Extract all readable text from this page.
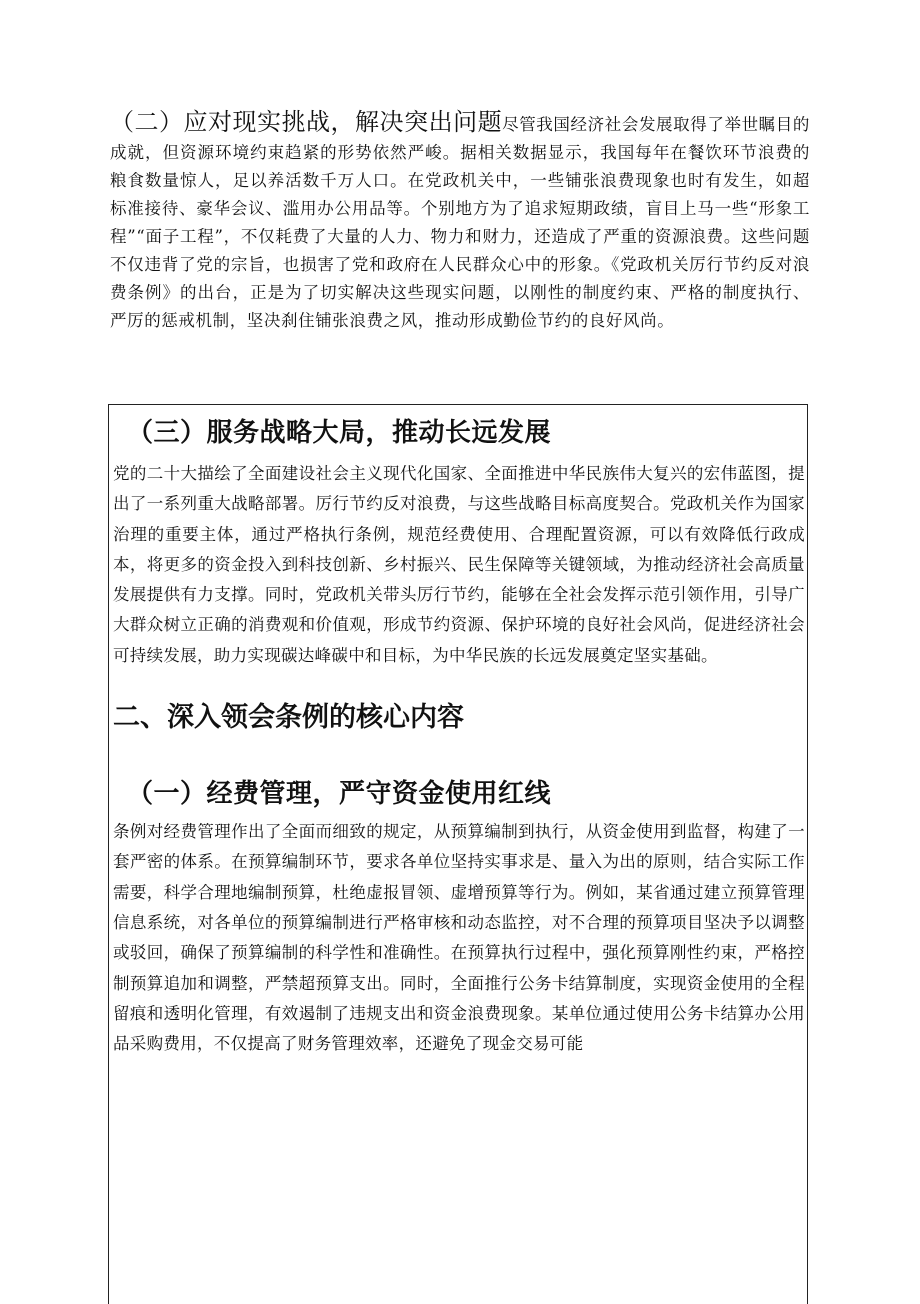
（二）应对现实挑战，解决突出问题尽管我国经济社会发展取得了举世瞩目的成就，但资源环境约束趋紧的形势依然严峻。据相关数据显示，我国每年在餐饮环节浪费的粮食数量惊人，足以养活数千万人口。在党政机关中，一些铺张浪费现象也时有发生，如超标准接待、豪华会议、滥用办公用品等。个别地方为了追求短期政绩，盲目上马一些“形象工程”“面子工程”，不仅耗费了大量的人力、物力和财力，还造成了严重的资源浪费。这些问题不仅违背了党的宗旨，也损害了党和政府在人民群众心中的形象。《党政机关厉行节约反对浪费条例》的出台，正是为了切实解决这些现实问题，以刚性的制度约束、严格的制度执行、严厉的惩戒机制，坚决刹住铺张浪费之风，推动形成勤俭节约的良好风尚。

（三）服务战略大局，推动长远发展

党的二十大描绘了全面建设社会主义现代化国家、全面推进中华民族伟大复兴的宏伟蓝图，提出了一系列重大战略部署。厉行节约反对浪费，与这些战略目标高度契合。党政机关作为国家治理的重要主体，通过严格执行条例，规范经费使用、合理配置资源，可以有效降低行政成本，将更多的资金投入到科技创新、乡村振兴、民生保障等关键领域，为推动经济社会高质量发展提供有力支撑。同时，党政机关带头厉行节约，能够在全社会发挥示范引领作用，引导广大群众树立正确的消费观和价值观，形成节约资源、保护环境的良好社会风尚，促进经济社会可持续发展，助力实现碳达峰碳中和目标，为中华民族的长远发展奠定坚实基础。

二、深入领会条例的核心内容
（一）经费管理，严守资金使用红线

条例对经费管理作出了全面而细致的规定，从预算编制到执行，从资金使用到监督，构建了一套严密的体系。在预算编制环节，要求各单位坚持实事求是、量入为出的原则，结合实际工作需要，科学合理地编制预算，杜绝虚报冒领、虚增预算等行为。例如，某省通过建立预算管理信息系统，对各单位的预算编制进行严格审核和动态监控，对不合理的预算项目坚决予以调整或驳回，确保了预算编制的科学性和准确性。在预算执行过程中，强化预算刚性约束，严格控制预算追加和调整，严禁超预算支出。同时，全面推行公务卡结算制度，实现资金使用的全程留痕和透明化管理，有效遏制了违规支出和资金浪费现象。某单位通过使用公务卡结算办公用品采购费用，不仅提高了财务管理效率，还避免了现金交易可能
